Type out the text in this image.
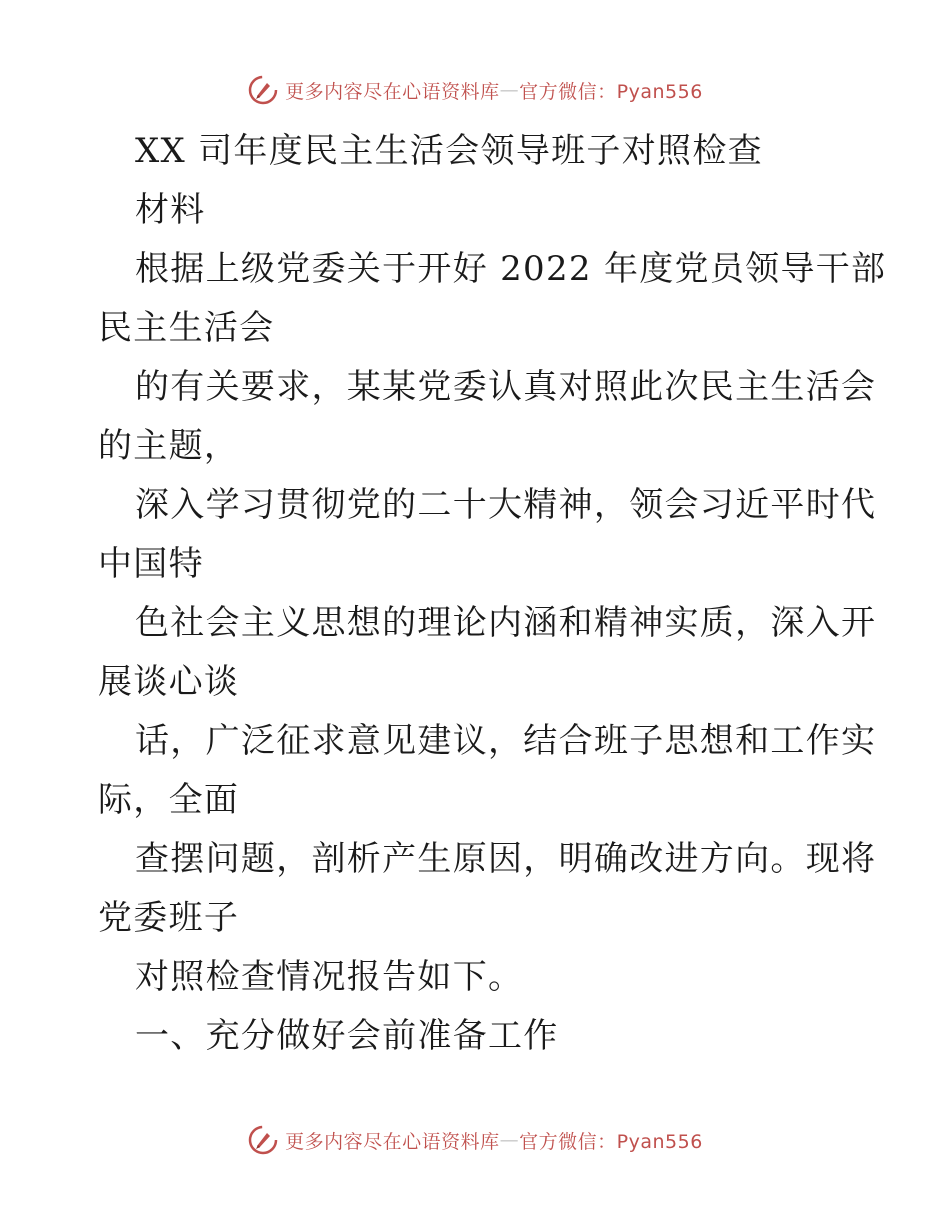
更多内容尽在心语资料库 — 官方微信：Pyan556
XX 司年度民主生活会领导班子对照检查
材料
根据上级党委关于开好 2022 年度党员领导干部
民主生活会
的有关要求，某某党委认真对照此次民主生活会
的主题，
深入学习贯彻党的二十大精神，领会习近平时代
中国特
色社会主义思想的理论内涵和精神实质，深入开
展谈心谈
话，广泛征求意见建议，结合班子思想和工作实
际，全面
查摆问题，剖析产生原因，明确改进方向。现将
党委班子
对照检查情况报告如下。
一、充分做好会前准备工作
更多内容尽在心语资料库 — 官方微信：Pyan556
